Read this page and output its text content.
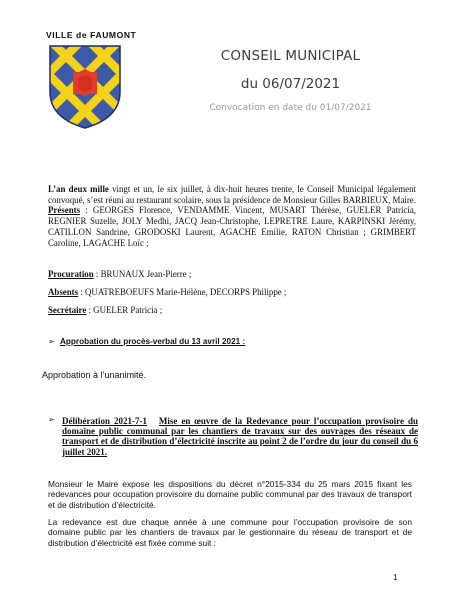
VILLE de FAUMONT
CONSEIL MUNICIPAL
du 06/07/2021
Convocation en date du 01/07/2021
L’an deux mille vingt et un, le six juillet, à dix-huit heures trente, le Conseil Municipal légalement convoqué, s’est réuni au restaurant scolaire, sous la présidence de Monsieur Gilles BARBIEUX, Maire.
Présents : GEORGES Florence, VENDAMME Vincent, MUSART Thérèse, GUELER Patricia, REGNIER Suzelle, JOLY Medhi, JACQ Jean-Christophe, LEPRETRE Laure, KARPINSKI Jérémy, CATILLON Sandrine, GRODOSKI Laurent, AGACHE Emilie, RATON Christian ; GRIMBERT Caroline, LAGACHE Loïc ;
Procuration : BRUNAUX Jean-Pierre ;
Absents : QUATREBOEUFS Marie-Hélène, DECORPS Philippe ;
Secrétaire : GUELER Patricia ;
➢ Approbation du procès-verbal du 13 avril 2021 :
Approbation à l’unanimité.
➢ Délibération 2021-7-1 Mise en œuvre de la Redevance pour l’occupation provisoire du domaine public communal par les chantiers de travaux sur des ouvrages des réseaux de transport et de distribution d’électricité inscrite au point 2 de l’ordre du jour du conseil du 6 juillet 2021.
Monsieur le Maire expose les dispositions du décret n°2015-334 du 25 mars 2015 fixant les redevances pour occupation provisoire du domaine public communal par des travaux de transport et de distribution d’électricité.
La redevance est due chaque année à une commune pour l’occupation provisoire de son domaine public par les chantiers de travaux par le gestionnaire du réseau de transport et de distribution d’électricité est fixée comme suit :
1
